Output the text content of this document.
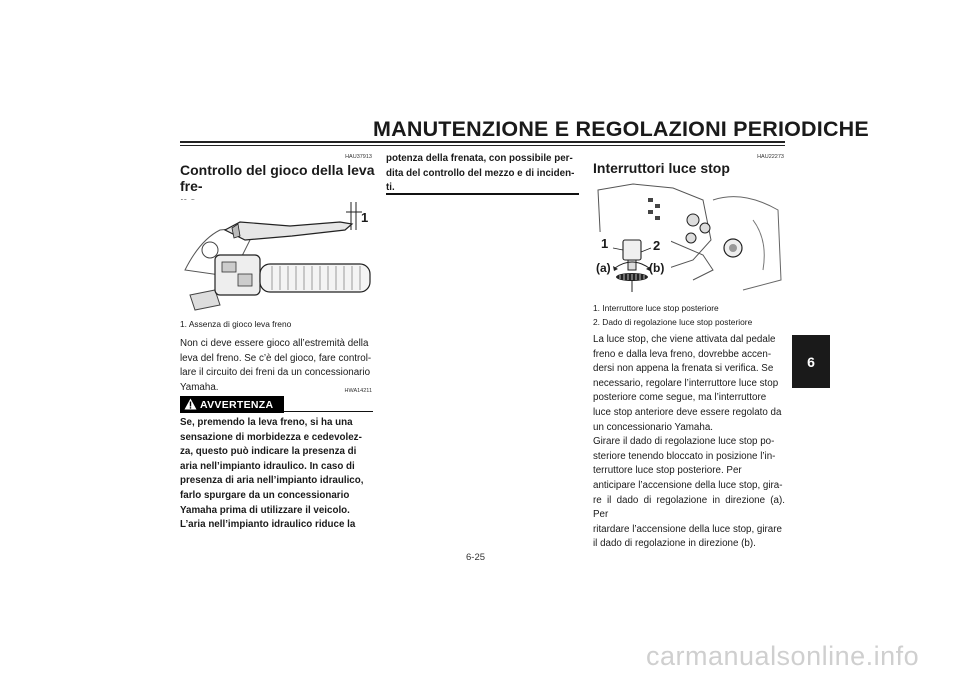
MANUTENZIONE E REGOLAZIONI PERIODICHE
HAU37913
Controllo del gioco della leva fre-
1
1. Assenza di gioco leva freno
Non ci deve essere gioco all’estremità della
leva del freno. Se c’è del gioco, fare control-
lare il circuito dei freni da un concessionario
Yamaha.	HWA14211
AVVERTENZA
Se, premendo la leva freno, si ha una
sensazione di morbidezza e cedevolez-
za, questo può indicare la presenza di
aria nell’impianto idraulico. In caso di
presenza di aria nell’impianto idraulico,
farlo spurgare da un concessionario
Yamaha prima di utilizzare il veicolo.
L’aria nell’impianto idraulico riduce la
potenza della frenata, con possibile per-
dita del controllo del mezzo e di inciden-
ti.
HAU22273
Interruttori luce stop
1	2
(a)	(b)
1. Interruttore luce stop posteriore
2. Dado di regolazione luce stop posteriore
La luce stop, che viene attivata dal pedale
freno e dalla leva freno, dovrebbe accen-
dersi non appena la frenata si verifica. Se
necessario, regolare l’interruttore luce stop
posteriore come segue, ma l’interruttore
luce stop anteriore deve essere regolato da
un concessionario Yamaha.
Girare il dado di regolazione luce stop po-
steriore tenendo bloccato in posizione l’in-
terruttore luce stop posteriore. Per
anticipare l’accensione della luce stop, gira-
re il dado di regolazione in direzione (a). Per
ritardare l’accensione della luce stop, girare
il dado di regolazione in direzione (b).
6
6-25
carmanualsonline.info
